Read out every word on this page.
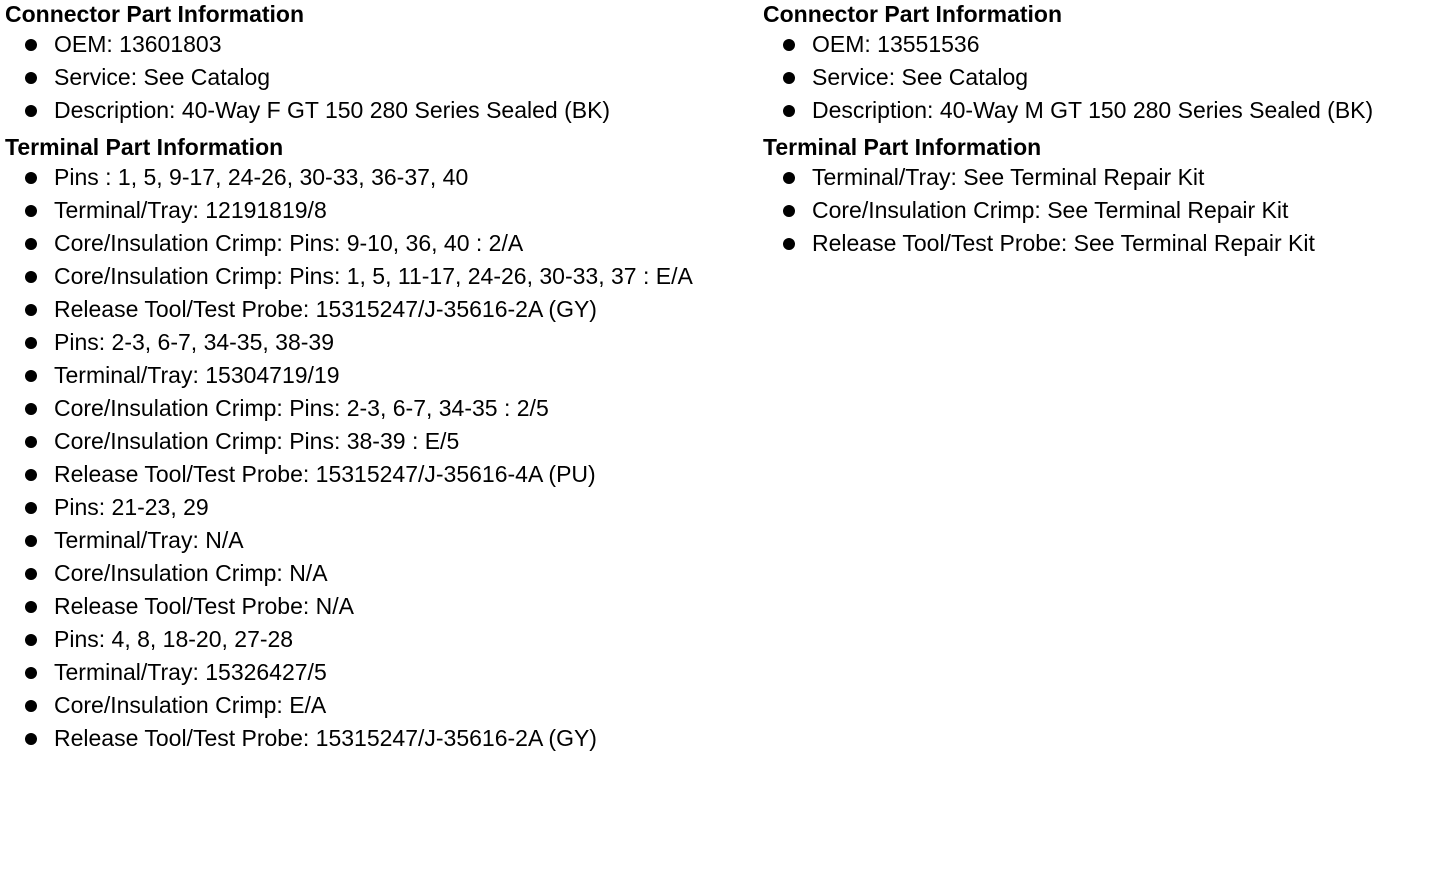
Connector Part Information
OEM: 13601803
Service: See Catalog
Description: 40-Way F GT 150 280 Series Sealed (BK)
Terminal Part Information
Pins : 1, 5, 9-17, 24-26, 30-33, 36-37, 40
Terminal/Tray: 12191819/8
Core/Insulation Crimp: Pins: 9-10, 36, 40 : 2/A
Core/Insulation Crimp: Pins: 1, 5, 11-17, 24-26, 30-33, 37 : E/A
Release Tool/Test Probe: 15315247/J-35616-2A (GY)
Pins: 2-3, 6-7, 34-35, 38-39
Terminal/Tray: 15304719/19
Core/Insulation Crimp: Pins: 2-3, 6-7, 34-35 : 2/5
Core/Insulation Crimp: Pins: 38-39 : E/5
Release Tool/Test Probe: 15315247/J-35616-4A (PU)
Pins: 21-23, 29
Terminal/Tray: N/A
Core/Insulation Crimp: N/A
Release Tool/Test Probe: N/A
Pins: 4, 8, 18-20, 27-28
Terminal/Tray: 15326427/5
Core/Insulation Crimp: E/A
Release Tool/Test Probe: 15315247/J-35616-2A (GY)
Connector Part Information
OEM: 13551536
Service: See Catalog
Description: 40-Way M GT 150 280 Series Sealed (BK)
Terminal Part Information
Terminal/Tray: See Terminal Repair Kit
Core/Insulation Crimp: See Terminal Repair Kit
Release Tool/Test Probe: See Terminal Repair Kit
